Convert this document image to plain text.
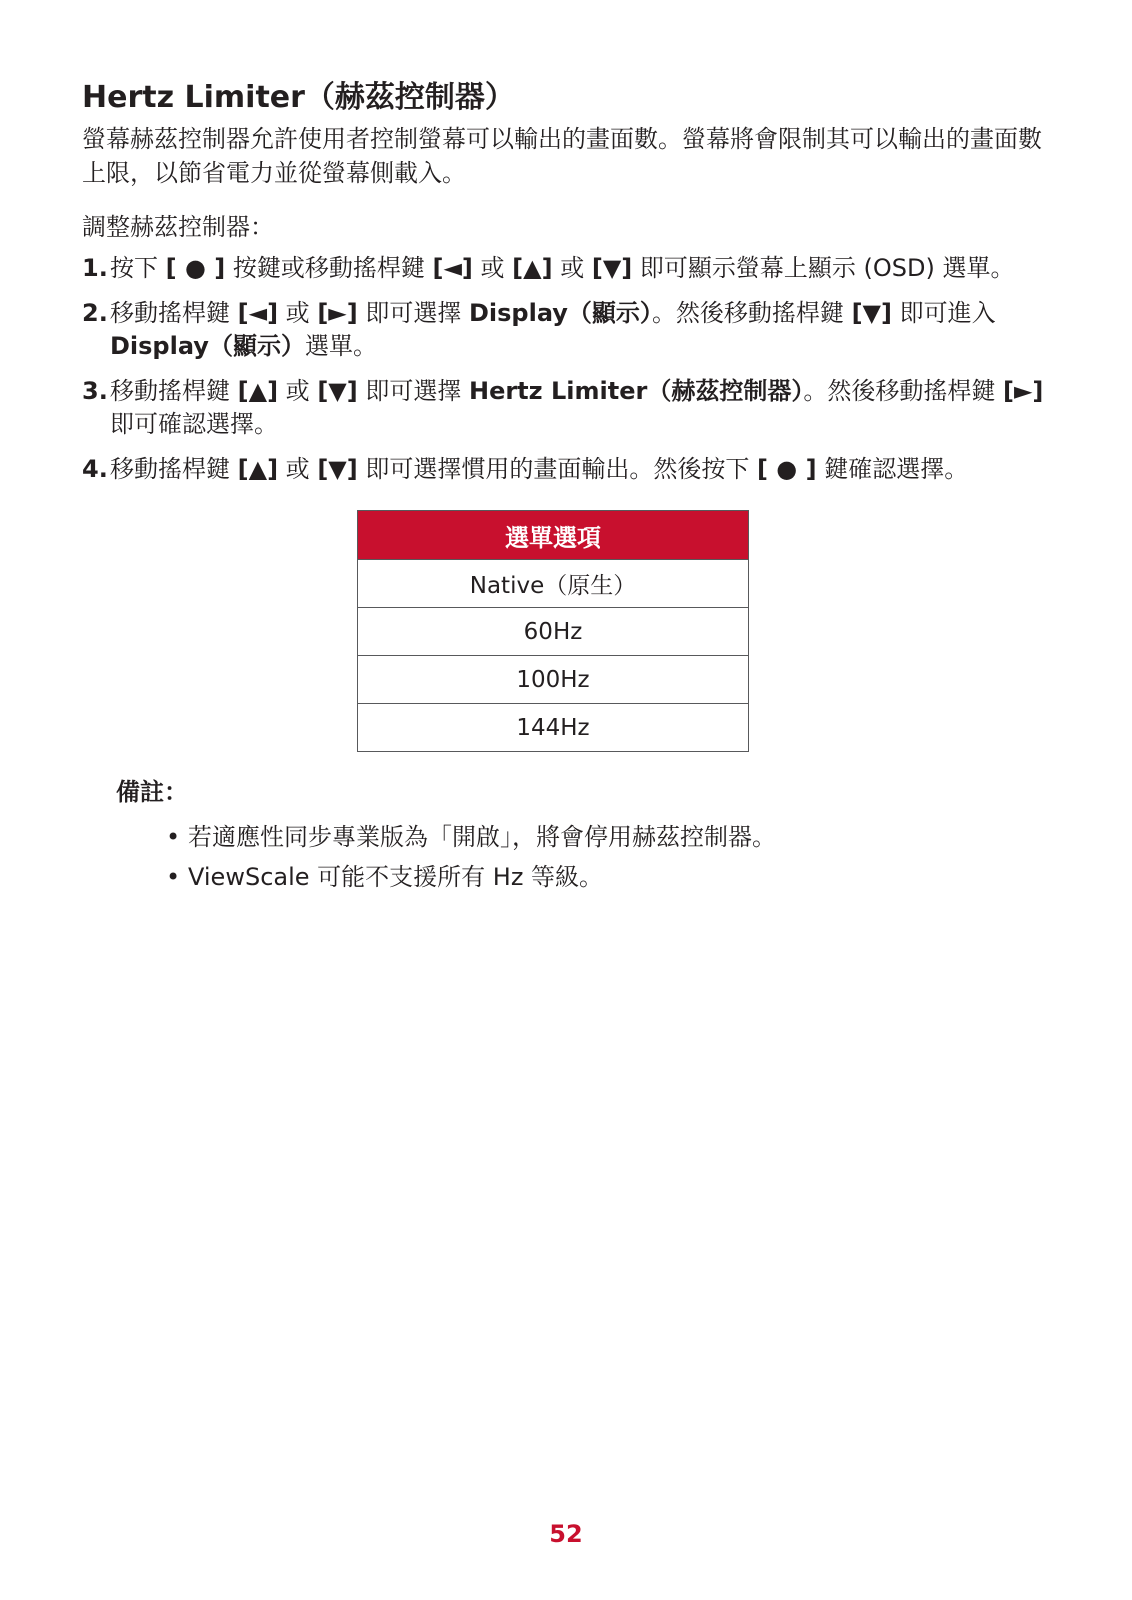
Hertz Limiter（赫茲控制器）

螢幕赫茲控制器允許使用者控制螢幕可以輸出的畫面數。螢幕將會限制其可以輸出的畫面數上限，以節省電力並從螢幕側載入。

調整赫茲控制器：

1. 按下 [ ● ] 按鍵或移動搖桿鍵 [◄] 或 [▲] 或 [▼] 即可顯示螢幕上顯示 (OSD) 選單。
2. 移動搖桿鍵 [◄] 或 [►] 即可選擇 Display（顯示）。然後移動搖桿鍵 [▼] 即可進入 Display（顯示）選單。
3. 移動搖桿鍵 [▲] 或 [▼] 即可選擇 Hertz Limiter（赫茲控制器）。然後移動搖桿鍵 [►] 即可確認選擇。
4. 移動搖桿鍵 [▲] 或 [▼] 即可選擇慣用的畫面輸出。然後按下 [ ● ] 鍵確認選擇。
選單選項
Native（原生）
60Hz
100Hz
144Hz
備註：
• 若適應性同步專業版為「開啟」，將會停用赫茲控制器。
• ViewScale 可能不支援所有 Hz 等級。
52
